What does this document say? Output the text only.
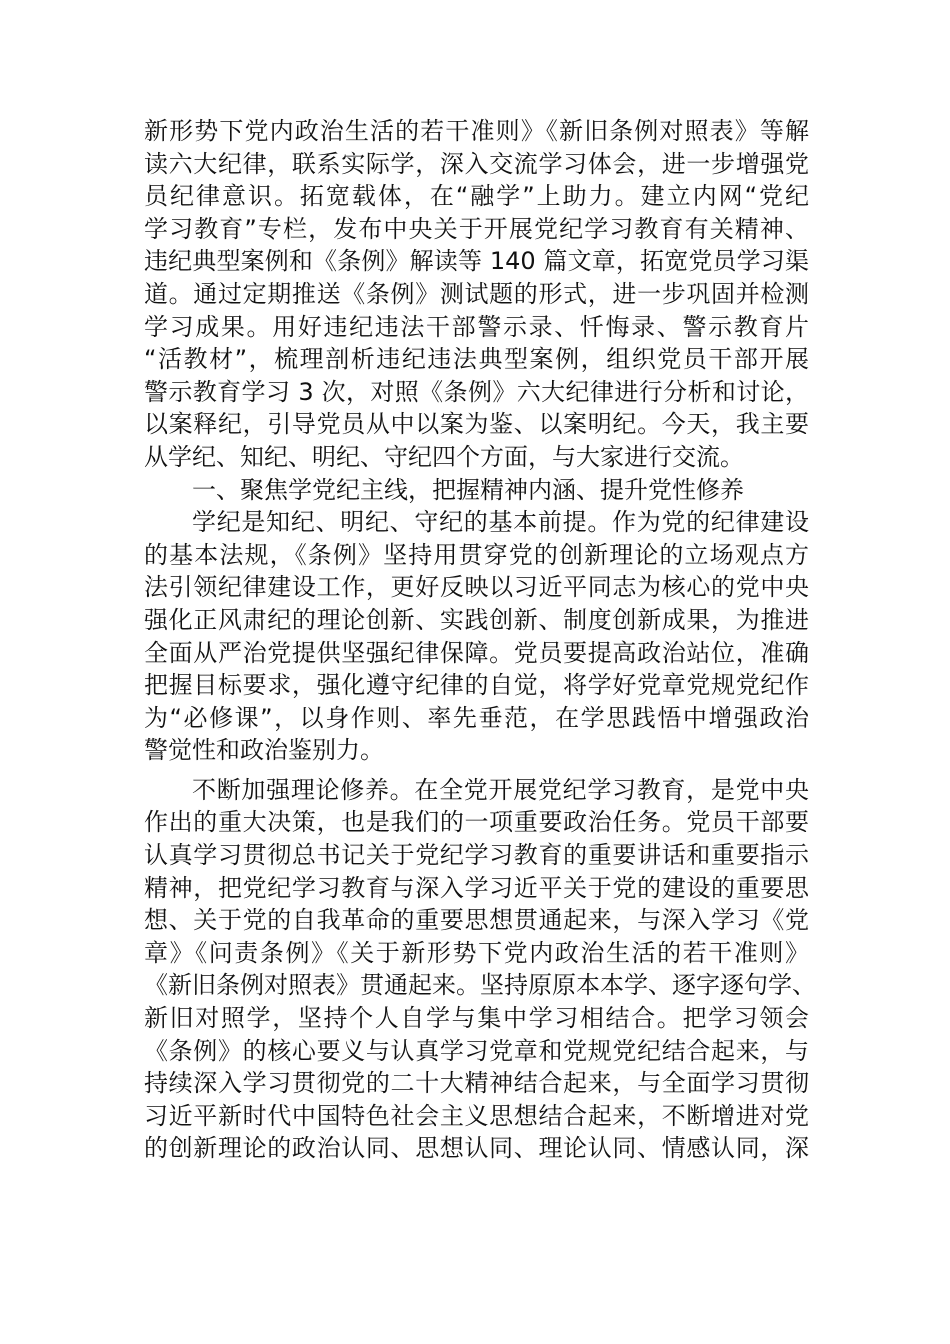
新形势下党内政治生活的若干准则》《新旧条例对照表》等解
读六大纪律，联系实际学，深入交流学习体会，进一步增强党
员纪律意识。拓宽载体，在“融学”上助力。建立内网“党纪
学习教育”专栏，发布中央关于开展党纪学习教育有关精神、
违纪典型案例和《条例》解读等 140 篇文章，拓宽党员学习渠
道。通过定期推送《条例》测试题的形式，进一步巩固并检测
学习成果。用好违纪违法干部警示录、忏悔录、警示教育片
“活教材”，梳理剖析违纪违法典型案例，组织党员干部开展
警示教育学习 3 次，对照《条例》六大纪律进行分析和讨论，
以案释纪，引导党员从中以案为鉴、以案明纪。今天，我主要
从学纪、知纪、明纪、守纪四个方面，与大家进行交流。
一、聚焦学党纪主线，把握精神内涵、提升党性修养
学纪是知纪、明纪、守纪的基本前提。作为党的纪律建设
的基本法规，《条例》坚持用贯穿党的创新理论的立场观点方
法引领纪律建设工作，更好反映以习近平同志为核心的党中央
强化正风肃纪的理论创新、实践创新、制度创新成果，为推进
全面从严治党提供坚强纪律保障。党员要提高政治站位，准确
把握目标要求，强化遵守纪律的自觉，将学好党章党规党纪作
为“必修课”，以身作则、率先垂范，在学思践悟中增强政治
警觉性和政治鉴别力。
不断加强理论修养。在全党开展党纪学习教育，是党中央
作出的重大决策，也是我们的一项重要政治任务。党员干部要
认真学习贯彻总书记关于党纪学习教育的重要讲话和重要指示
精神，把党纪学习教育与深入学习近平关于党的建设的重要思
想、关于党的自我革命的重要思想贯通起来，与深入学习《党
章》《问责条例》《关于新形势下党内政治生活的若干准则》
《新旧条例对照表》贯通起来。坚持原原本本学、逐字逐句学、
新旧对照学，坚持个人自学与集中学习相结合。把学习领会
《条例》的核心要义与认真学习党章和党规党纪结合起来，与
持续深入学习贯彻党的二十大精神结合起来，与全面学习贯彻
习近平新时代中国特色社会主义思想结合起来，不断增进对党
的创新理论的政治认同、思想认同、理论认同、情感认同，深
